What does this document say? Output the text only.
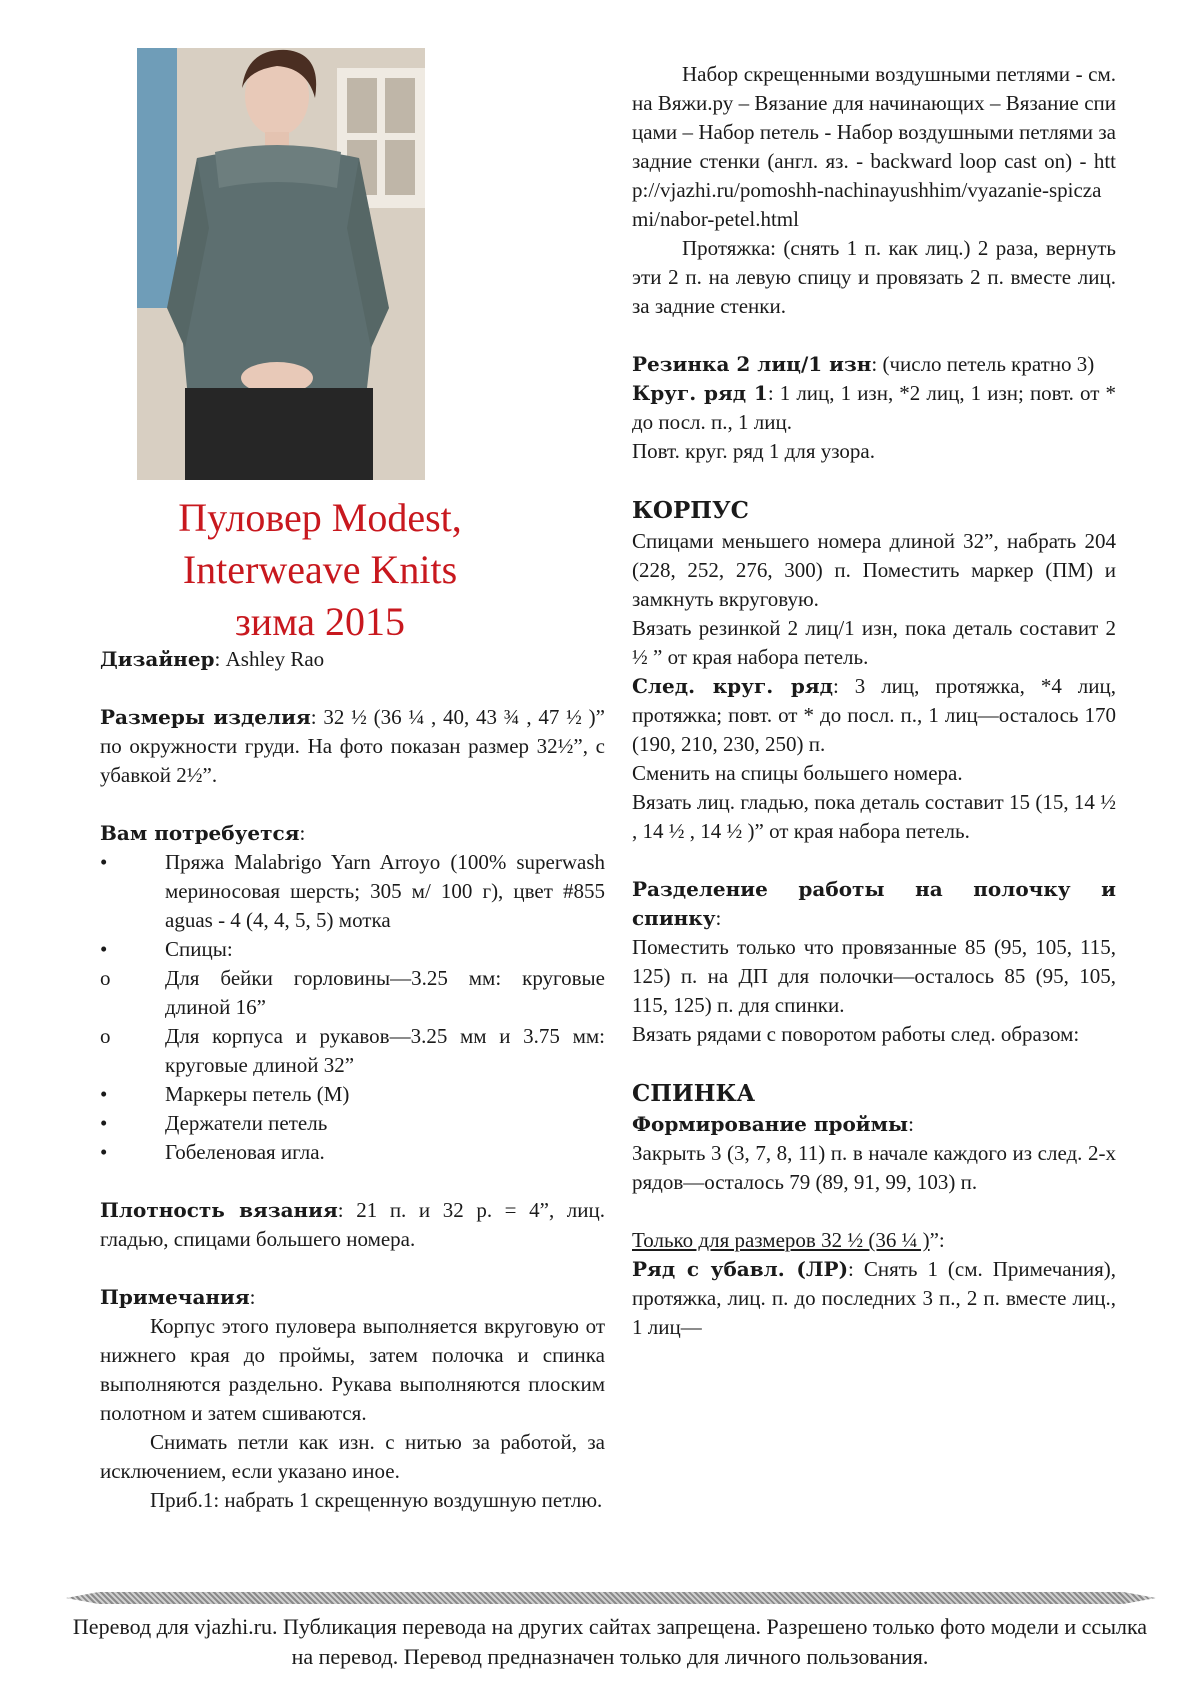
Пуловер Modest,
Interweave Knits
зима 2015

Дизайнер: Ashley Rao

Размеры изделия: 32 ½ (36 ¼ , 40, 43 ¾ , 47 ½ )” по окружности груди. На фото показан размер 32½”, с убавкой 2½”.

Вам потребуется:

•	Пряжа Malabrigo Yarn Arroyo (100% superwash мериносовая шерсть; 305 м/ 100 г), цвет #855 aguas - 4 (4, 4, 5, 5) мотка
•	Спицы:
o	Для бейки горловины—3.25 мм: круговые длиной 16”
o	Для корпуса и рукавов—3.25 мм и 3.75 мм: круговые длиной 32”
•	Маркеры петель (М)
•	Держатели петель
•	Гобеленовая игла.

Плотность вязания: 21 п. и 32 р. = 4”, лиц. гладью, спицами большего номера.

Примечания:

Корпус этого пуловера выполняется вкруговую от нижнего края до проймы, затем полочка и спинка выполняются раздельно. Рукава выполняются плоским полотном и затем сшиваются.

Снимать петли как изн. с нитью за работой, за исключением, если указано иное.

Приб.1: набрать 1 скрещенную воздушную петлю.

Набор скрещенными воздушными петлями - см. на Вяжи.ру – Вязание для начинающих – Вязание спицами – Набор петель - Набор воздушными петлями за задние стенки (англ. яз. - backward loop cast on) - http://vjazhi.ru/pomoshh-nachinayushhim/vyazanie-spiczami/nabor-petel.html

Протяжка: (снять 1 п. как лиц.) 2 раза, вернуть эти 2 п. на левую спицу и провязать 2 п. вместе лиц. за задние стенки.

Резинка 2 лиц/1 изн: (число петель кратно 3)

Круг. ряд 1: 1 лиц, 1 изн, *2 лиц, 1 изн; повт. от * до посл. п., 1 лиц.

Повт. круг. ряд 1 для узора.

КОРПУС

Спицами меньшего номера длиной 32”, набрать 204 (228, 252, 276, 300) п. Поместить маркер (ПМ) и замкнуть вкруговую.

Вязать резинкой 2 лиц/1 изн, пока деталь составит 2 ½ ” от края набора петель.

След. круг. ряд: 3 лиц, протяжка, *4 лиц, протяжка; повт. от * до посл. п., 1 лиц—осталось 170 (190, 210, 230, 250) п.

Сменить на спицы большего номера.

Вязать лиц. гладью, пока деталь составит 15 (15, 14 ½ , 14 ½ , 14 ½ )” от края набора петель.

Разделение работы на полочку и спинку:

Поместить только что провязанные 85 (95, 105, 115, 125) п. на ДП для полочки—осталось 85 (95, 105, 115, 125) п. для спинки.

Вязать рядами с поворотом работы след. образом:

СПИНКА

Формирование проймы:

Закрыть 3 (3, 7, 8, 11) п. в начале каждого из след. 2-х рядов—осталось 79 (89, 91, 99, 103) п.

Только для размеров 32 ½ (36 ¼ )”:

Ряд с убавл. (ЛР): Снять 1 (см. Примечания), протяжка, лиц. п. до последних 3 п., 2 п. вместе лиц., 1 лиц—

Перевод для vjazhi.ru. Публикация перевода на других сайтах запрещена. Разрешено только фото модели и ссылка на перевод. Перевод предназначен только для личного пользования.
